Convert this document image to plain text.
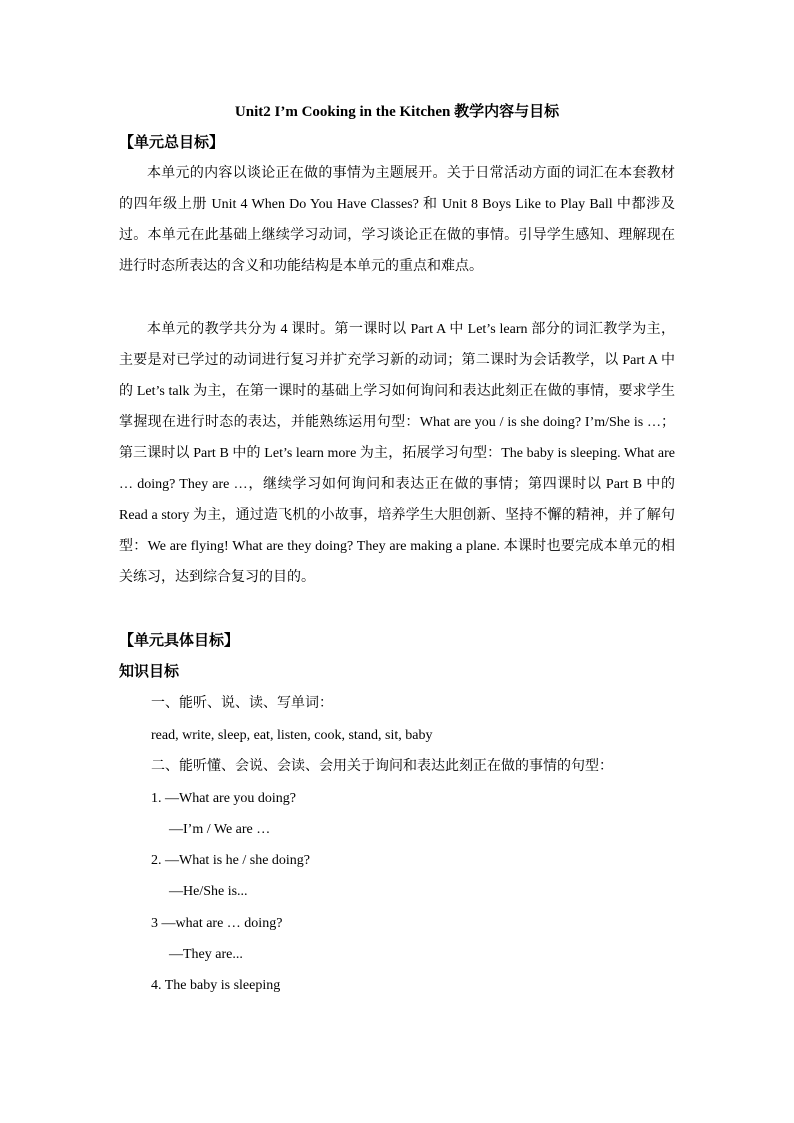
Unit2 I’m Cooking in the Kitchen 教学内容与目标
【单元总目标】
本单元的内容以谈论正在做的事情为主题展开。关于日常活动方面的词汇在本套教材的四年级上册 Unit 4 When Do You Have Classes? 和 Unit 8 Boys Like to Play Ball 中都涉及过。本单元在此基础上继续学习动词，学习谈论正在做的事情。引导学生感知、理解现在进行时态所表达的含义和功能结构是本单元的重点和难点。
本单元的教学共分为 4 课时。第一课时以 Part A 中 Let’s learn 部分的词汇教学为主，主要是对已学过的动词进行复习并扩充学习新的动词；第二课时为会话教学，以 Part A 中的 Let’s talk 为主，在第一课时的基础上学习如何询问和表达此刻正在做的事情，要求学生掌握现在进行时态的表达，并能熟练运用句型：What are you / is she doing? I’m/She is …；第三课时以 Part B 中的 Let’s learn more 为主，拓展学习句型：The baby is sleeping. What are … doing? They are …，继续学习如何询问和表达正在做的事情；第四课时以 Part B 中的 Read a story 为主，通过造飞机的小故事，培养学生大胆创新、坚持不懈的精神，并了解句型：We are flying! What are they doing? They are making a plane. 本课时也要完成本单元的相关练习，达到综合复习的目的。
【单元具体目标】
知识目标
一、能听、说、读、写单词：
read, write, sleep, eat, listen, cook, stand, sit, baby
二、能听懂、会说、会读、会用关于询问和表达此刻正在做的事情的句型：
1. —What are you doing?
—I’m / We are …
2. —What is he / she doing?
—He/She is...
3 —what are … doing?
—They are...
4. The baby is sleeping
